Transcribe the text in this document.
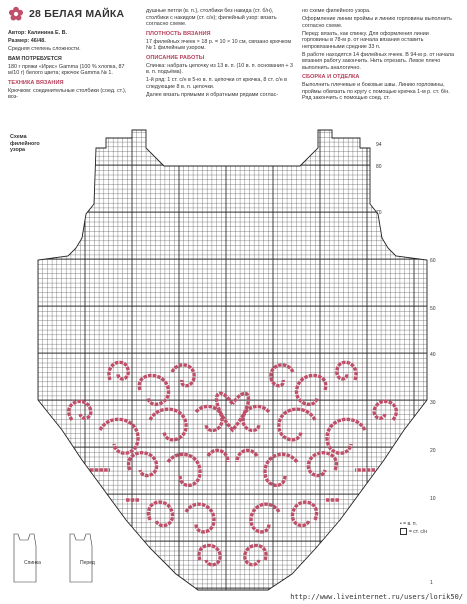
28 БЕЛАЯ МАЙКА

Автор: Калинина Е. В.

Размер: 46/48.

Средняя степень сложности.

ВАМ ПОТРЕБУЕТСЯ

180 г пряжи «Ирис» Gamma (100 % хлопка, 87 м/10 г) белого цвета; крючок Gamma № 1.

ТЕХНИКА ВЯЗАНИЯ

Крючком: соединительные столбики (соед. ст.), воз-

душные петли (в. п.), столбики без накида (ст. б/н), столбики с накидом (ст. с/н); филейный узор: вязать согласно схеме.

ПЛОТНОСТЬ ВЯЗАНИЯ

17 филейных ячеек × 18 р. = 10 × 10 см, связано крючком № 1 филейным узором.

ОПИСАНИЕ РАБОТЫ

Спинка: набрать цепочку из 13 в. п. (10 в. п. основания + 3 в. п. подъёма).

1-й ряд: 1 ст. с/н в 5-ю в. п. цепочки от крючка, 8 ст. с/н в следующие 8 в. п. цепочки.

Далее вязать прямыми и обратными рядами соглас-

но схеме филейного узора.

Оформление линии проймы и линию горловины выполнить согласно схеме.

Перед: вязать, как спинку. Для оформления линии горловины в 78-м р. от начала вязания оставить непровязанными средние 33 п.

В работе находятся 14 филейных ячеек. В 94-м р. от начала вязания работу закончить. Нить отрезать. Левое плечо выполнить аналогично.

СБОРКА И ОТДЕЛКА

Выполнить плечевые и боковые швы. Линию горловины, проймы обвязать по кругу с помощью крючка 1-м р. ст. б/н. Ряд закончить с помощью соед. ст.

Схема филейного узора
94
80
70
60
50
40
30
20
10
1
Спинка	Перед
• = в. п.
= ст. с/н
http://www.liveinternet.ru/users/lorik50/
